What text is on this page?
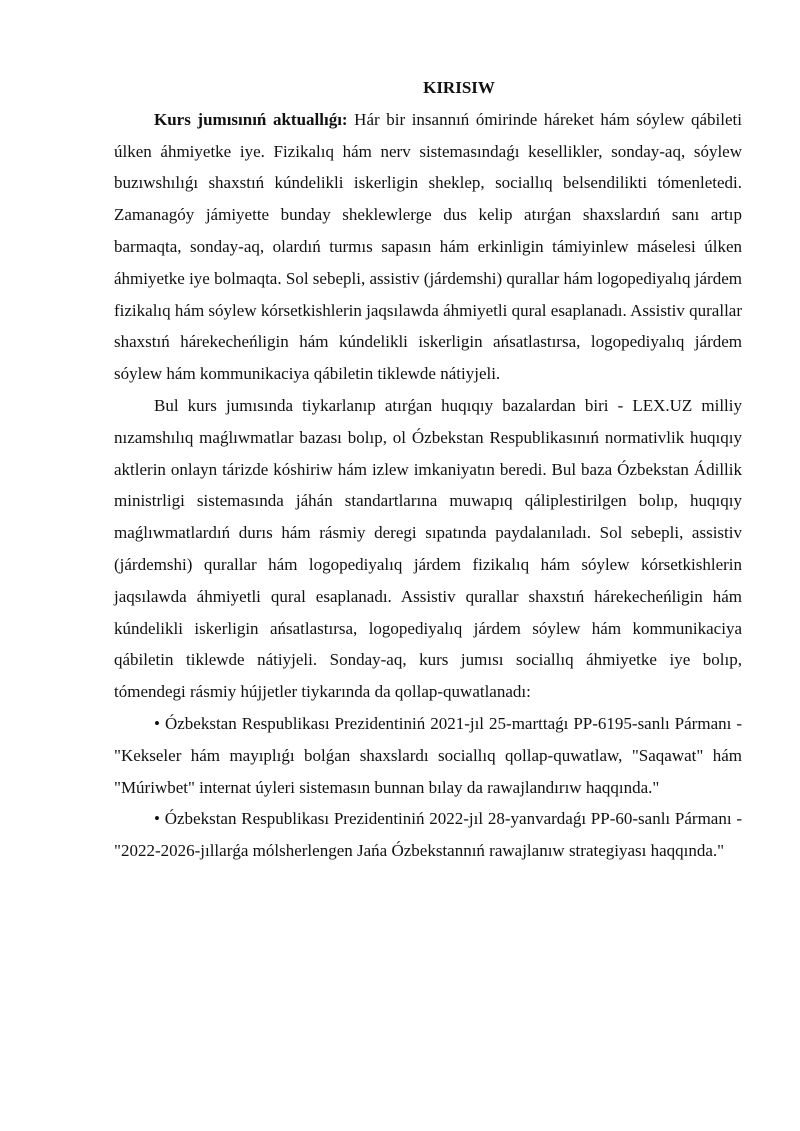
KIRISIW

Kurs jumısınıń aktuallıǵı: Hár bir insannıń ómirinde háreket hám sóylew qábileti úlken áhmiyetke iye. Fizikalıq hám nerv sistemasındaǵı kesellikler, sonday-aq, sóylew buzıwshılıǵı shaxstıń kúndelikli iskerligin sheklep, sociallıq belsendilikti tómenletedi. Zamanagóy jámiyette bunday sheklewlerge dus kelip atırǵan shaxslardıń sanı artıp barmaqta, sonday-aq, olardıń turmıs sapasın hám erkinligin támiyinlew máselesi úlken áhmiyetke iye bolmaqta. Sol sebepli, assistiv (járdemshi) qurallar hám logopediyalıq járdem fizikalıq hám sóylew kórsetkishlerin jaqsılawda áhmiyetli qural esaplanadı. Assistiv qurallar shaxstıń hárekecheńligin hám kúndelikli iskerligin ańsatlastırsa, logopediyalıq járdem sóylew hám kommunikaciya qábiletin tiklewde nátiyjeli.

Bul kurs jumısında tiykarlanıp atırǵan huqıqıy bazalardan biri - LEX.UZ milliy nızamshılıq maǵlıwmatlar bazası bolıp, ol Ózbekstan Respublikasınıń normativlik huqıqıy aktlerin onlayn tárizde kóshiriw hám izlew imkaniyatın beredi. Bul baza Ózbekstan Ádillik ministrligi sistemasında jáhán standartlarına muwapıq qáliplestirilgen bolıp, huqıqıy maǵlıwmatlardıń durıs hám rásmiy deregi sıpatında paydalanıladı. Sol sebepli, assistiv (járdemshi) qurallar hám logopediyalıq járdem fizikalıq hám sóylew kórsetkishlerin jaqsılawda áhmiyetli qural esaplanadı. Assistiv qurallar shaxstıń hárekecheńligin hám kúndelikli iskerligin ańsatlastırsa, logopediyalıq járdem sóylew hám kommunikaciya qábiletin tiklewde nátiyjeli. Sonday-aq, kurs jumısı sociallıq áhmiyetke iye bolıp, tómendegi rásmiy hújjetler tiykarında da qollap-quwatlanadı:

• Ózbekstan Respublikası Prezidentiniń 2021-jıl 25-marttaǵı PP-6195-sanlı Pármanı - "Kekseler hám mayıplıǵı bolǵan shaxslardı sociallıq qollap-quwatlaw, "Saqawat" hám "Múriwbet" internat úyleri sistemasın bunnan bılay da rawajlandırıw haqqında."

• Ózbekstan Respublikası Prezidentiniń 2022-jıl 28-yanvardaǵı PP-60-sanlı Pármanı - "2022-2026-jıllarǵa mólsherlengen Jańa Ózbekstannıń rawajlanıw strategiyası haqqında."
